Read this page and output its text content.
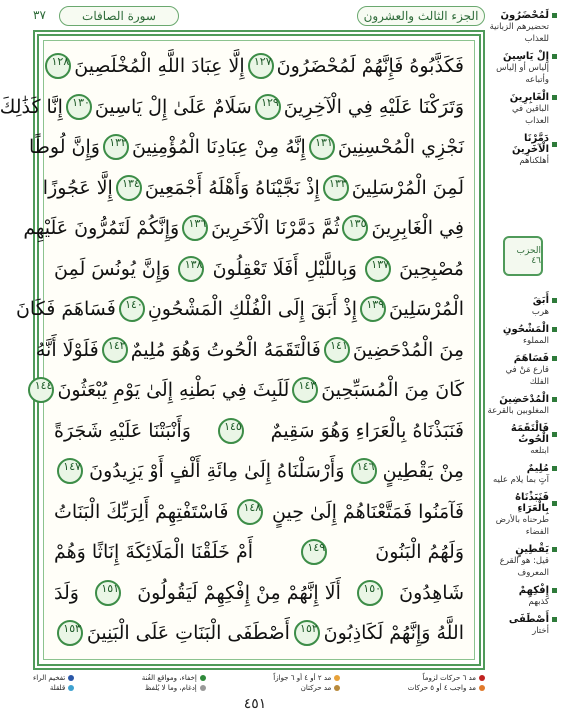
الجزء الثالث والعشرون
سورة الصافات
٣٧
فَكَذَّبُوهُ فَإِنَّهُمْ لَمُحْضَرُونَ
١٢٧
إِلَّا عِبَادَ اللَّهِ الْمُخْلَصِينَ
١٢٨
وَتَرَكْنَا عَلَيْهِ فِي الْآخِرِينَ
١٢٩
سَلَامٌ عَلَىٰ إِلْ يَاسِينَ
١٣٠
إِنَّا كَذَٰلِكَ
نَجْزِي الْمُحْسِنِينَ
١٣١
إِنَّهُ مِنْ عِبَادِنَا الْمُؤْمِنِينَ
١٣٢
وَإِنَّ لُوطًا
لَمِنَ الْمُرْسَلِينَ
١٣٣
إِذْ نَجَّيْنَاهُ وَأَهْلَهُ أَجْمَعِينَ
١٣٤
إِلَّا عَجُوزًا
فِي الْغَابِرِينَ
١٣٥
ثُمَّ دَمَّرْنَا الْآخَرِينَ
١٣٦
وَإِنَّكُمْ لَتَمُرُّونَ عَلَيْهِم
مُصْبِحِينَ
١٣٧
وَبِاللَّيْلِ أَفَلَا تَعْقِلُونَ
١٣٨
وَإِنَّ يُونُسَ لَمِنَ
الْمُرْسَلِينَ
١٣٩
إِذْ أَبَقَ إِلَى الْفُلْكِ الْمَشْحُونِ
١٤٠
فَسَاهَمَ فَكَانَ
مِنَ الْمُدْحَضِينَ
١٤١
فَالْتَقَمَهُ الْحُوتُ وَهُوَ مُلِيمٌ
١٤٢
فَلَوْلَا أَنَّهُ
كَانَ مِنَ الْمُسَبِّحِينَ
١٤٣
لَلَبِثَ فِي بَطْنِهِ إِلَىٰ يَوْمِ يُبْعَثُونَ
١٤٤
فَنَبَذْنَاهُ بِالْعَرَاءِ وَهُوَ سَقِيمٌ
١٤٥
وَأَنْبَتْنَا عَلَيْهِ شَجَرَةً
مِنْ يَقْطِينٍ
١٤٦
وَأَرْسَلْنَاهُ إِلَىٰ مِائَةِ أَلْفٍ أَوْ يَزِيدُونَ
١٤٧
فَآمَنُوا فَمَتَّعْنَاهُمْ إِلَىٰ حِينٍ
١٤٨
فَاسْتَفْتِهِمْ أَلِرَبِّكَ الْبَنَاتُ
وَلَهُمُ الْبَنُونَ
١٤٩
أَمْ خَلَقْنَا الْمَلَائِكَةَ إِنَاثًا وَهُمْ
شَاهِدُونَ
١٥٠
أَلَا إِنَّهُمْ مِنْ إِفْكِهِمْ لَيَقُولُونَ
١٥١
وَلَدَ
اللَّهُ وَإِنَّهُمْ لَكَاذِبُونَ
١٥٢
أَصْطَفَى الْبَنَاتِ عَلَى الْبَنِينَ
١٥٣
لَمُحْضَرُونَ
تحضيرهم الزبانية للعذاب
إِلْ يَاسِينَ
إلياس أو إلياس وأتباعه
الْغَابِرِينَ
الباقين في العذاب
دَمَّرْنَا الْآخَرِينَ
أهلكناهم
أَبَقَ
هرب
الْمَشْحُونِ
المملوء
فَسَاهَمَ
قارع مَنْ في الفلك
الْمُدْحَضِينَ
المغلوبين بالقرعة
فَالْتَقَمَهُ الْحُوتُ
ابتلعه
مُلِيمٌ
آتٍ بما يلام عليه
فَنَبَذْنَاهُ بِالْعَرَاءِ
طرحناه بالأرض الفضاء
يَقْطِينٍ
قيل: هو القرع المعروف
إِفْكِهِمْ
كذبهم
أَصْطَفَى
أختار
الحزب ٤٦
مد ٦ حركات لزوماً
مد واجب ٤ أو ٥ حركات
مد ٢ أو ٤ أو ٦ جوازاً
مد حركتان
إخفاء، ومواقع الغُنة
إدغام، وما لا يُلفظ
تفخيم الراء
قلقلة
٤٥١
